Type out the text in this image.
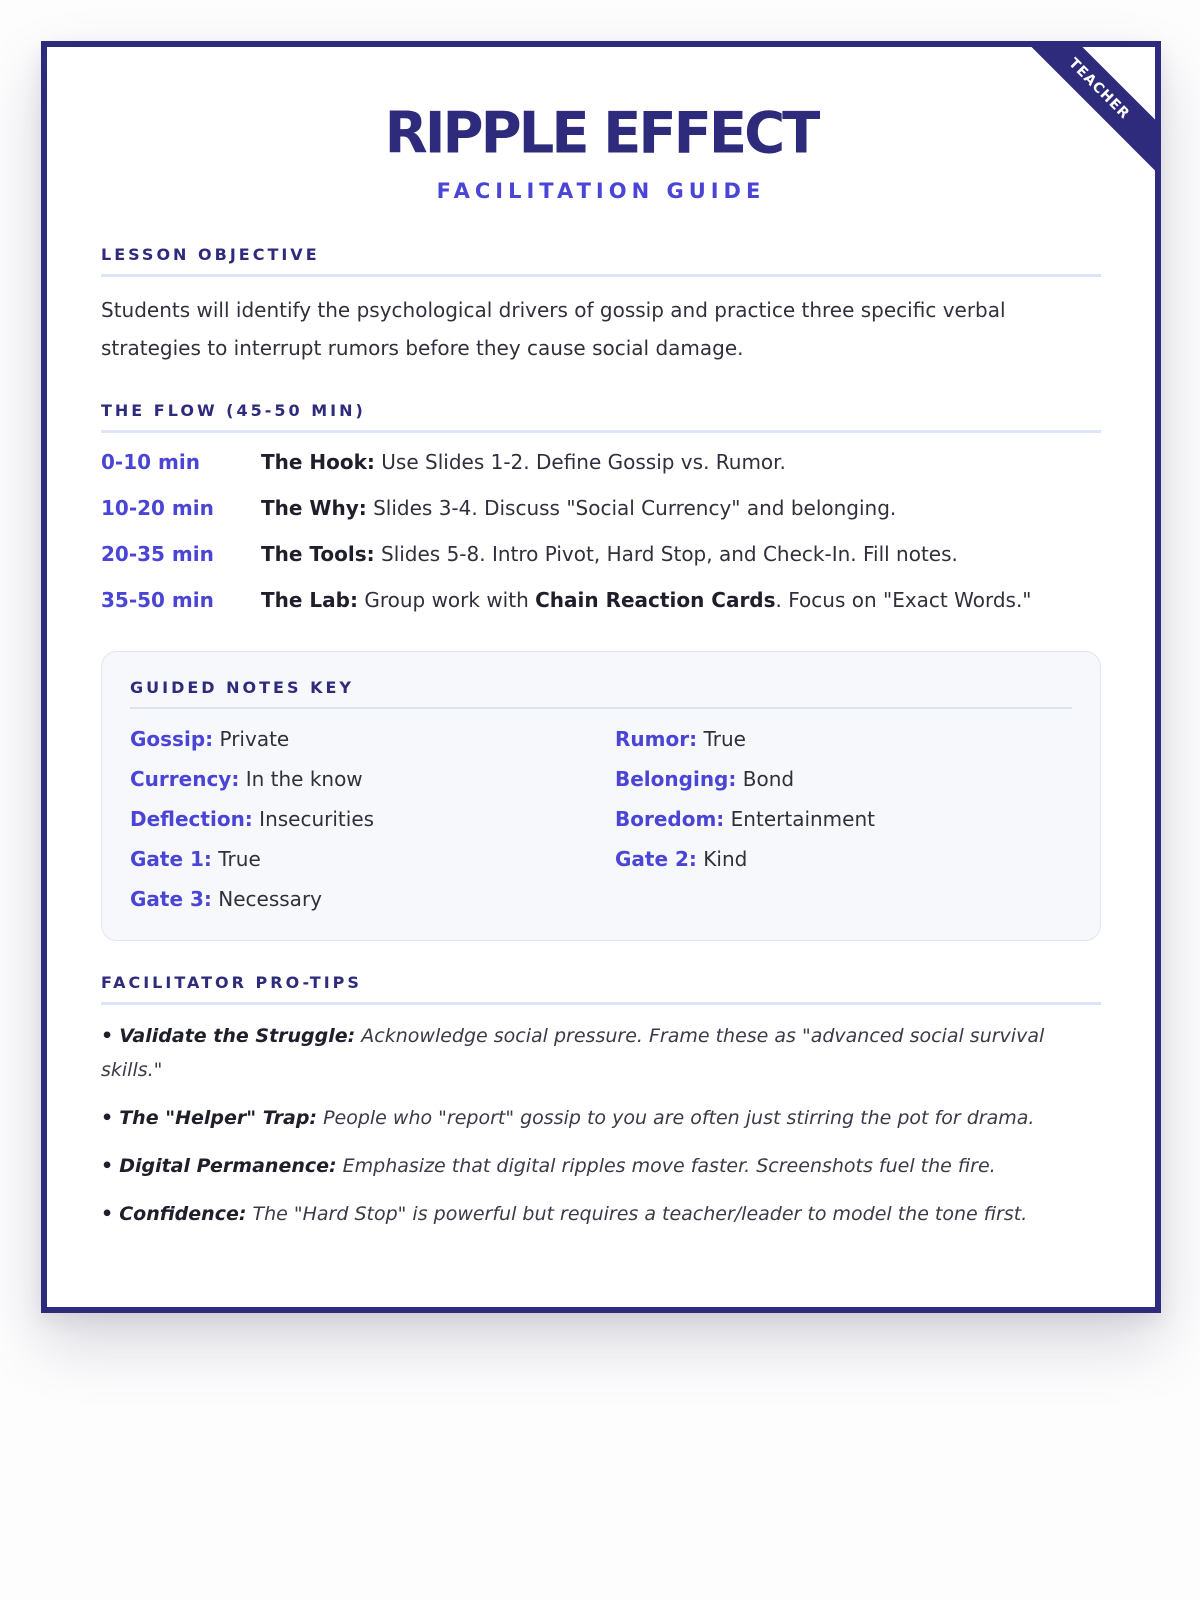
TEACHER
RIPPLE EFFECT
FACILITATION GUIDE
LESSON OBJECTIVE
Students will identify the psychological drivers of gossip and practice three specific verbal strategies to interrupt rumors before they cause social damage.
THE FLOW (45-50 MIN)
0-10 min	The Hook: Use Slides 1-2. Define Gossip vs. Rumor.
10-20 min	The Why: Slides 3-4. Discuss "Social Currency" and belonging.
20-35 min	The Tools: Slides 5-8. Intro Pivot, Hard Stop, and Check-In. Fill notes.
35-50 min	The Lab: Group work with Chain Reaction Cards. Focus on "Exact Words."
GUIDED NOTES KEY
Gossip: Private	Rumor: True
Currency: In the know	Belonging: Bond
Deflection: Insecurities	Boredom: Entertainment
Gate 1: True	Gate 2: Kind
Gate 3: Necessary
FACILITATOR PRO-TIPS
• Validate the Struggle: Acknowledge social pressure. Frame these as "advanced social survival skills."
• The "Helper" Trap: People who "report" gossip to you are often just stirring the pot for drama.
• Digital Permanence: Emphasize that digital ripples move faster. Screenshots fuel the fire.
• Confidence: The "Hard Stop" is powerful but requires a teacher/leader to model the tone first.
